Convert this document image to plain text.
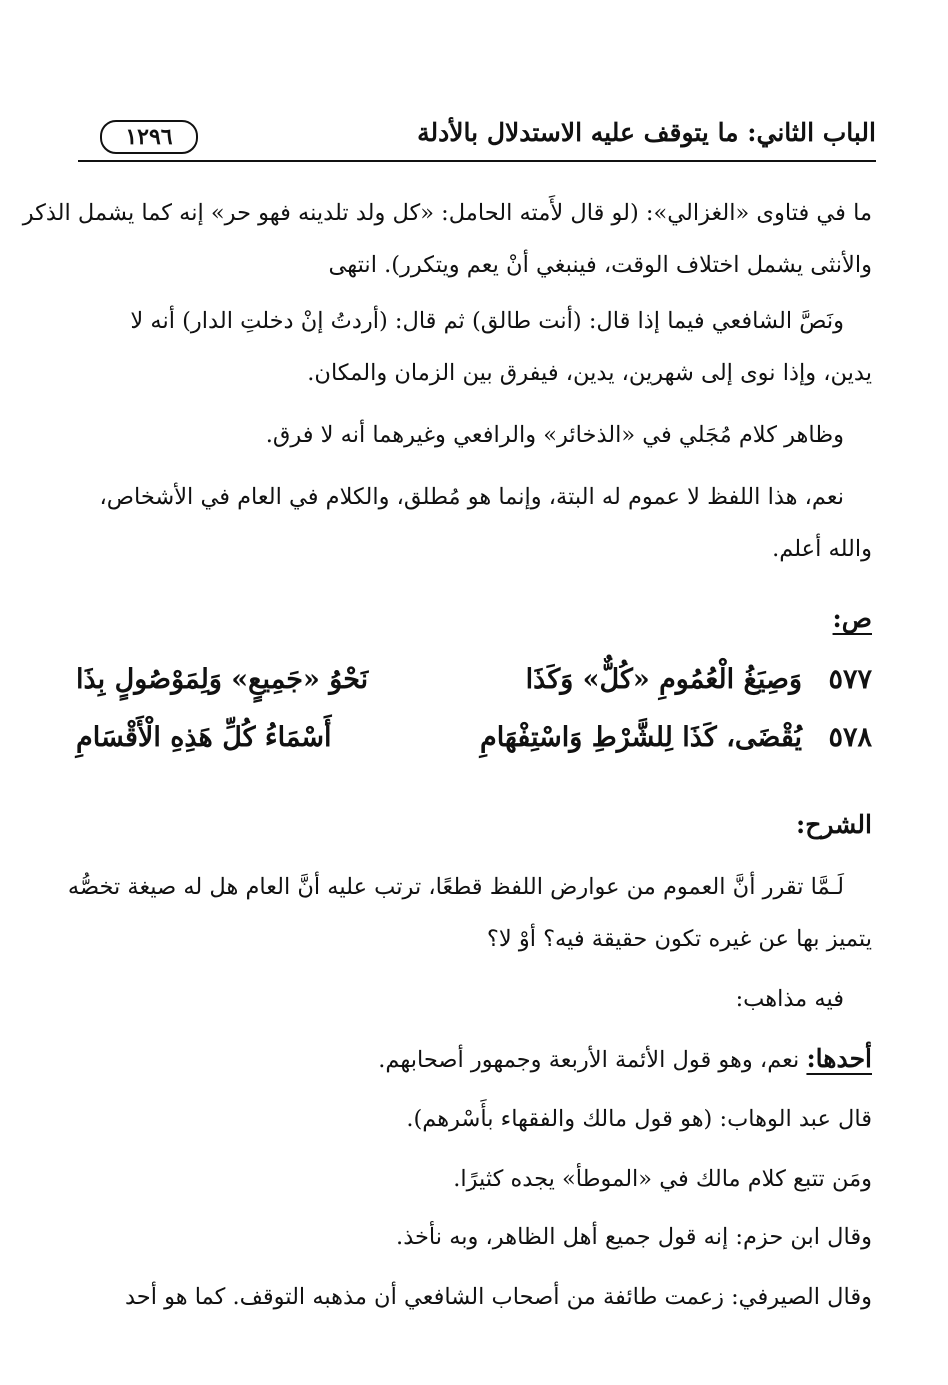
الباب الثاني: ما يتوقف عليه الاستدلال بالأدلة
١٢٩٦
ما في فتاوى «الغزالي»: (لو قال لأَمته الحامل: «كل ولد تلدينه فهو حر» إنه كما يشمل الذكر
والأنثى يشمل اختلاف الوقت، فينبغي أنْ يعم ويتكرر). انتهى
ونَصَّ الشافعي فيما إذا قال: (أنت طالق) ثم قال: (أردتُ إنْ دخلتِ الدار) أنه لا
يدين، وإذا نوى إلى شهرين، يدين، فيفرق بين الزمان والمكان.
وظاهر كلام مُجَلي في «الذخائر» والرافعي وغيرهما أنه لا فرق.
نعم، هذا اللفظ لا عموم له البتة، وإنما هو مُطلق، والكلام في العام في الأشخاص،
والله أعلم.
ص:
٥٧٧
وَصِيَغُ الْعُمُومِ «كُلٌّ» وَكَذَا
نَحْوُ «جَمِيعٍ» وَلِمَوْصُولٍ بِذَا
٥٧٨
يُقْضَى، كَذَا لِلشَّرْطِ وَاسْتِفْهَامِ
أَسْمَاءُ كُلِّ هَذِهِ الْأَقْسَامِ
الشرح:
لَـمَّا تقرر أنَّ العموم من عوارض اللفظ قطعًا، ترتب عليه أنَّ العام هل له صيغة تخصُّه
يتميز بها عن غيره تكون حقيقة فيه؟ أوْ لا؟
فيه مذاهب:
أحدها: نعم، وهو قول الأئمة الأربعة وجمهور أصحابهم.
قال عبد الوهاب: (هو قول مالك والفقهاء بأَسْرهم).
ومَن تتبع كلام مالك في «الموطأ» يجده كثيرًا.
وقال ابن حزم: إنه قول جميع أهل الظاهر، وبه نأخذ.
وقال الصيرفي: زعمت طائفة من أصحاب الشافعي أن مذهبه التوقف. كما هو أحد
